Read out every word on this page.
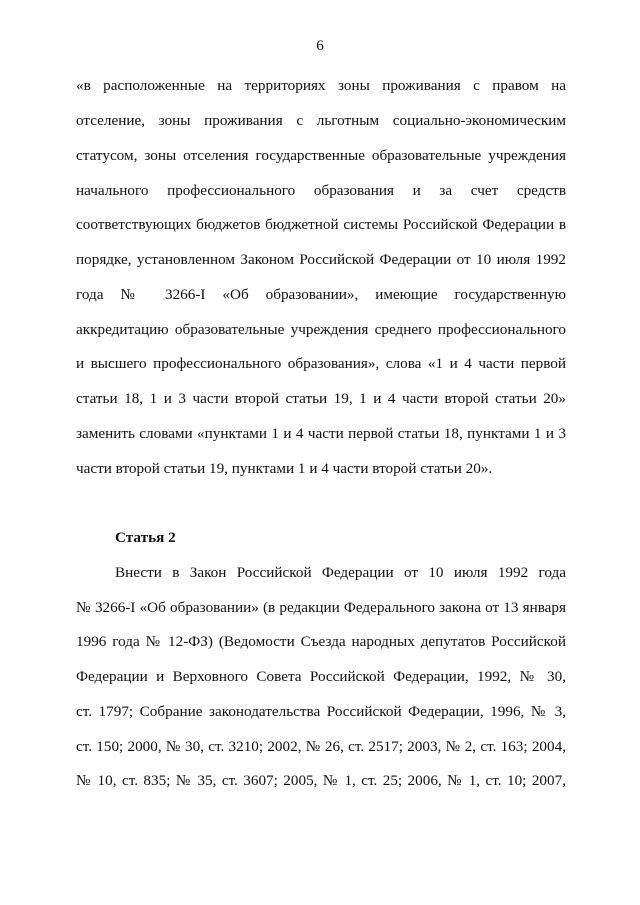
6
«в расположенные на территориях зоны проживания с правом на
отселение, зоны проживания с льготным социально-экономическим
статусом, зоны отселения государственные образовательные учреждения
начального профессионального образования и за счет средств
соответствующих бюджетов бюджетной системы Российской Федерации в
порядке, установленном Законом Российской Федерации от 10 июля 1992
года № 3266-I «Об образовании», имеющие государственную
аккредитацию образовательные учреждения среднего профессионального
и высшего профессионального образования», слова «1 и 4 части первой
статьи 18, 1 и 3 части второй статьи 19, 1 и 4 части второй статьи 20»
заменить словами «пунктами 1 и 4 части первой статьи 18, пунктами 1 и 3
части второй статьи 19, пунктами 1 и 4 части второй статьи 20».
Статья 2
Внести в Закон Российской Федерации от 10 июля 1992 года
№ 3266-I «Об образовании» (в редакции Федерального закона от 13 января
1996 года № 12-ФЗ) (Ведомости Съезда народных депутатов Российской
Федерации и Верховного Совета Российской Федерации, 1992, № 30,
ст. 1797; Собрание законодательства Российской Федерации, 1996, № 3,
ст. 150; 2000, № 30, ст. 3210; 2002, № 26, ст. 2517; 2003, № 2, ст. 163; 2004,
№ 10, ст. 835; № 35, ст. 3607; 2005, № 1, ст. 25; 2006, № 1, ст. 10; 2007,
